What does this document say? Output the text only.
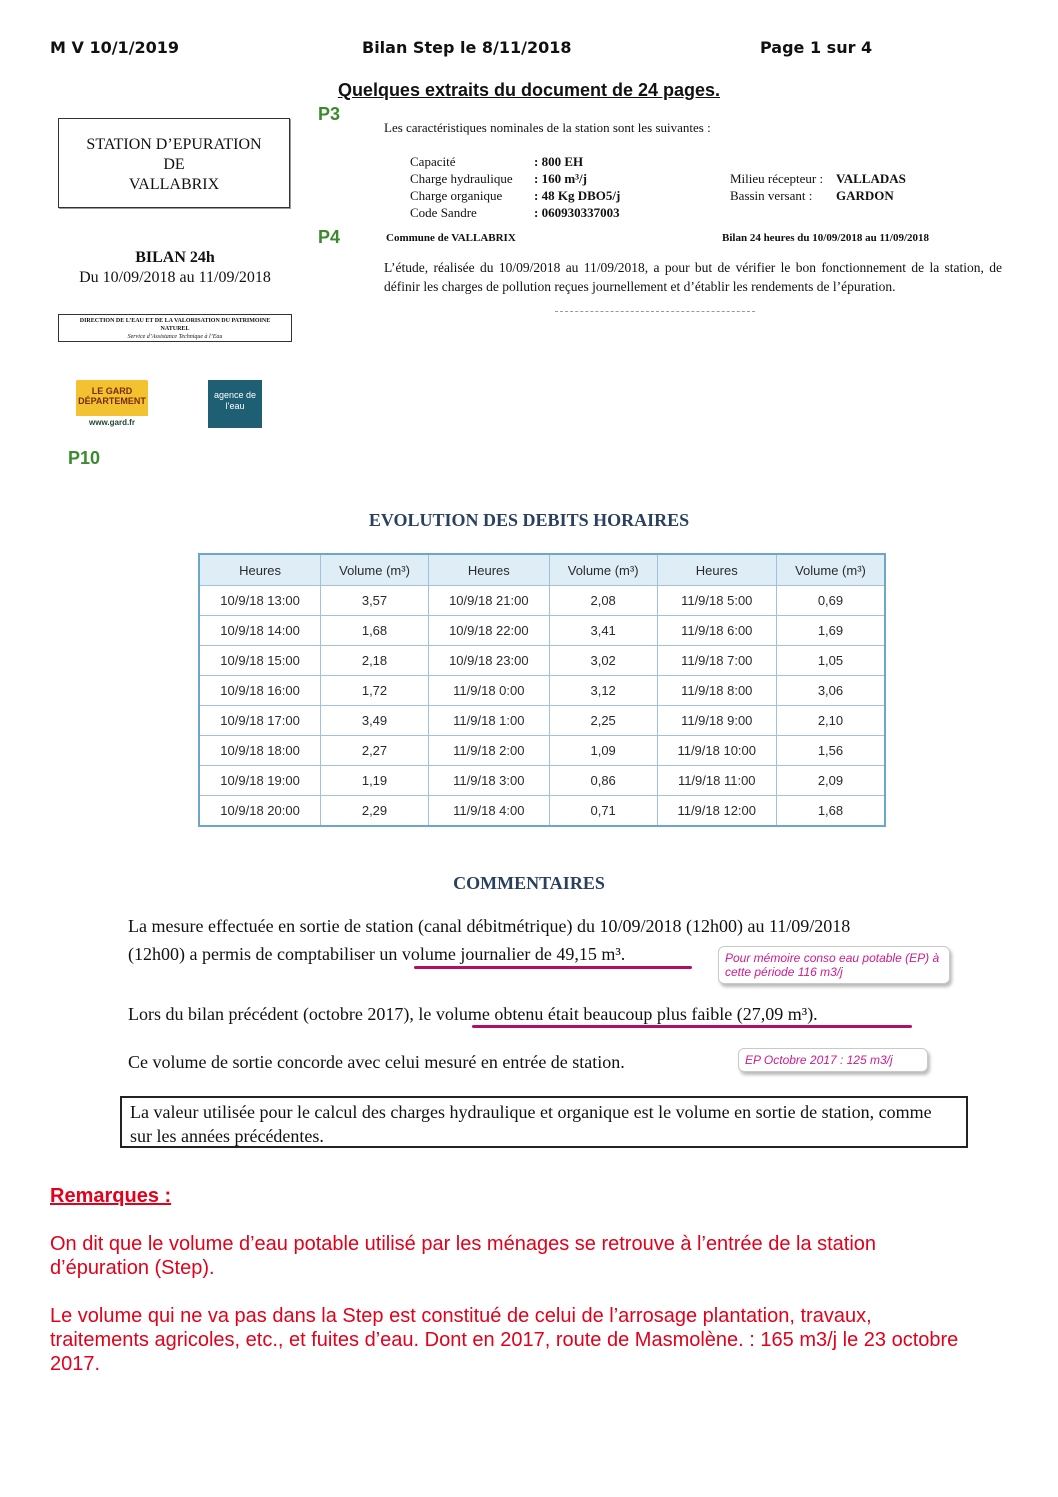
M V 10/1/2019	Bilan Step le 8/11/2018	Page 1 sur 4
Quelques extraits du document de 24 pages.
P3
P4
P10
STATION D’EPURATION
DE
VALLABRIX
BILAN 24h
Du 10/09/2018 au 11/09/2018
DIRECTION DE L’EAU ET DE LA VALORISATION DU PATRIMOINE
NATUREL
Service d’Assistance Technique à l’Eau
LE GARD DÉPARTEMENT
www.gard.fr
agence de l’eau
Les caractéristiques nominales de la station sont les suivantes :
Capacité	: 800 EH
Charge hydraulique : 160 m³/j	Milieu récepteur : VALLADAS
Charge organique : 48 Kg DBO5/j	Bassin versant : GARDON
Code Sandre	: 060930337003
Commune de VALLABRIX	Bilan 24 heures du 10/09/2018 au 11/09/2018
L’étude, réalisée du 10/09/2018 au 11/09/2018, a pour but de vérifier le bon fonctionnement de la station, de définir les charges de pollution reçues journellement et d’établir les rendements de l’épuration.
EVOLUTION DES DEBITS HORAIRES
Heures	Volume (m³)	Heures	Volume (m³)	Heures	Volume (m³)
10/9/18 13:00	3,57	10/9/18 21:00	2,08	11/9/18 5:00	0,69
10/9/18 14:00	1,68	10/9/18 22:00	3,41	11/9/18 6:00	1,69
10/9/18 15:00	2,18	10/9/18 23:00	3,02	11/9/18 7:00	1,05
10/9/18 16:00	1,72	11/9/18 0:00	3,12	11/9/18 8:00	3,06
10/9/18 17:00	3,49	11/9/18 1:00	2,25	11/9/18 9:00	2,10
10/9/18 18:00	2,27	11/9/18 2:00	1,09	11/9/18 10:00	1,56
10/9/18 19:00	1,19	11/9/18 3:00	0,86	11/9/18 11:00	2,09
10/9/18 20:00	2,29	11/9/18 4:00	0,71	11/9/18 12:00	1,68
COMMENTAIRES
La mesure effectuée en sortie de station (canal débitmétrique) du 10/09/2018 (12h00) au 11/09/2018
(12h00) a permis de comptabiliser un volume journalier de 49,15 m³.	Pour mémoire conso eau potable (EP) à cette période 116 m3/j
Lors du bilan précédent (octobre 2017), le volume obtenu était beaucoup plus faible (27,09 m³).
Ce volume de sortie concorde avec celui mesuré en entrée de station.	EP Octobre 2017 : 125 m3/j
La valeur utilisée pour le calcul des charges hydraulique et organique est le volume en sortie de station, comme sur les années précédentes.
Remarques :
On dit que le volume d’eau potable utilisé par les ménages se retrouve à l’entrée de la station d’épuration (Step).
Le volume qui ne va pas dans la Step est constitué de celui de l’arrosage plantation, travaux, traitements agricoles, etc., et fuites d’eau. Dont en 2017, route de Masmolène. : 165 m3/j le 23 octobre 2017.
